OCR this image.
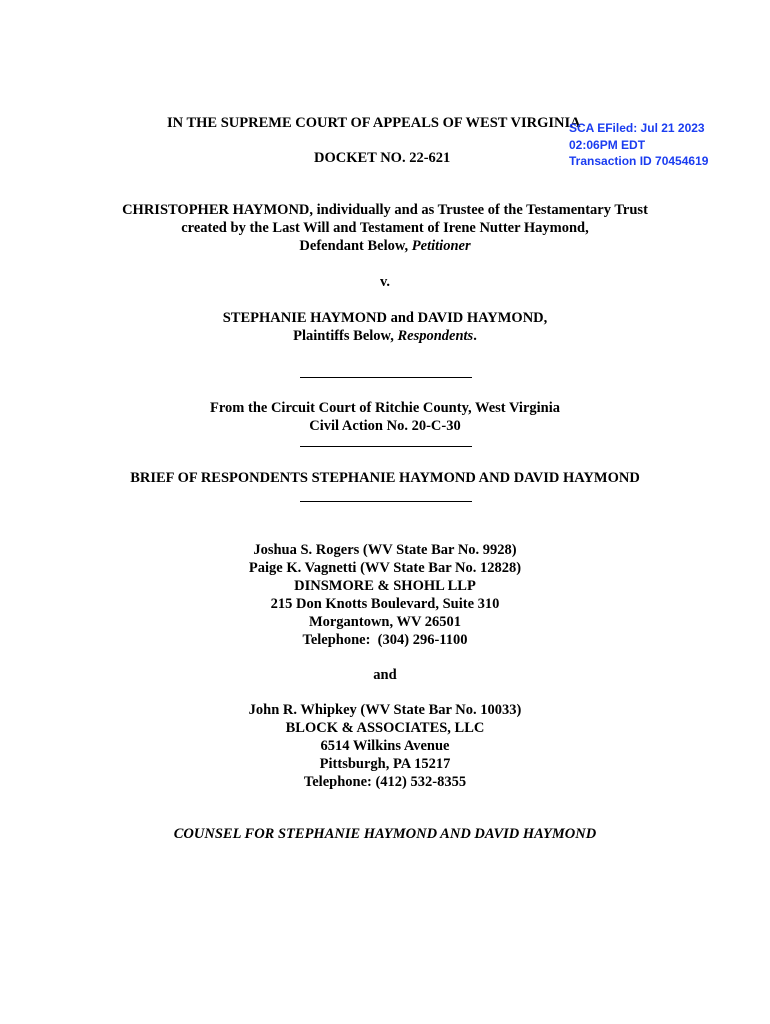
IN THE SUPREME COURT OF APPEALS OF WEST VIRGINIA
SCA EFiled: Jul 21 2023
02:06PM EDT
Transaction ID 70454619
DOCKET NO. 22-621
CHRISTOPHER HAYMOND, individually and as Trustee of the Testamentary Trust
created by the Last Will and Testament of Irene Nutter Haymond,
Defendant Below, Petitioner
v.
STEPHANIE HAYMOND and DAVID HAYMOND,
Plaintiffs Below, Respondents.
From the Circuit Court of Ritchie County, West Virginia
Civil Action No. 20-C-30
BRIEF OF RESPONDENTS STEPHANIE HAYMOND AND DAVID HAYMOND
Joshua S. Rogers (WV State Bar No. 9928)
Paige K. Vagnetti (WV State Bar No. 12828)
DINSMORE & SHOHL LLP
215 Don Knotts Boulevard, Suite 310
Morgantown, WV 26501
Telephone:  (304) 296-1100
and
John R. Whipkey (WV State Bar No. 10033)
BLOCK & ASSOCIATES, LLC
6514 Wilkins Avenue
Pittsburgh, PA 15217
Telephone: (412) 532-8355
COUNSEL FOR STEPHANIE HAYMOND AND DAVID HAYMOND
